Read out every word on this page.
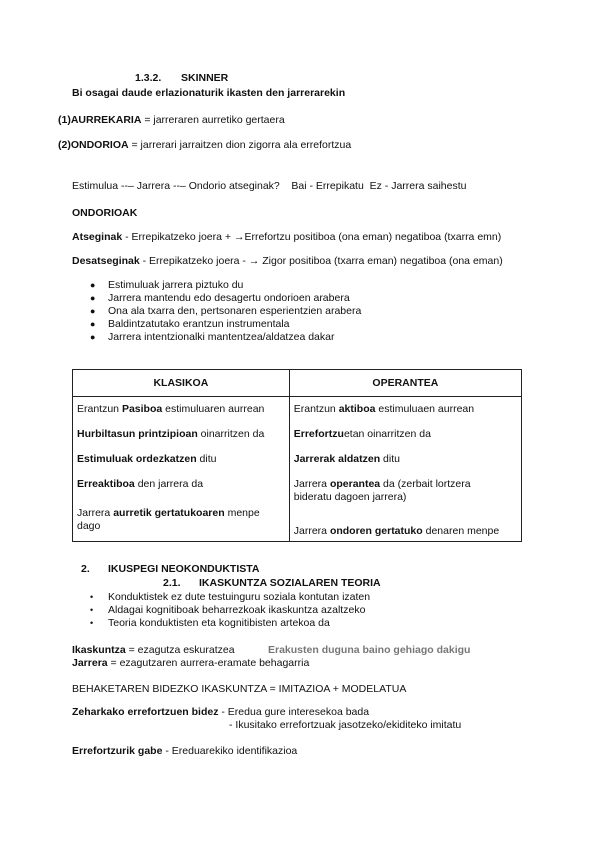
1.3.2. SKINNER
Bi osagai daude erlazionaturik ikasten den jarrerarekin
(1)AURREKARIA = jarreraren aurretiko gertaera
(2)ONDORIOA = jarrerari jarraitzen dion zigorra ala errefortzua
Estimulua --– Jarrera --– Ondorio atseginak?    Bai - Errepikatu  Ez - Jarrera saihestu
ONDORIOAK
Atseginak - Errepikatzeko joera + →Errefortzu positiboa (ona eman) negatiboa (txarra emn)
Desatseginak - Errepikatzeko joera - → Zigor positiboa (txarra eman) negatiboa (ona eman)
● Estimuluak jarrera piztuko du
● Jarrera mantendu edo desagertu ondorioen arabera
● Ona ala txarra den, pertsonaren esperientzien arabera
● Baldintzatutako erantzun instrumentala
● Jarrera intentzionalki mantentzea/aldatzea dakar
KLASIKOA	OPERANTEA

Erantzun Pasiboa estimuluaren aurrean	Erantzun aktiboa estimuluaen aurrean

Hurbiltasun printzipioan oinarritzen da	Errefortzuetan oinarritzen da

Estimuluak ordezkatzen ditu	Jarrerak aldatzen ditu

Erreaktiboa den jarrera da	Jarrera operantea da (zerbait lortzera bideratu dagoen jarrera)

Jarrera aurretik gertatukoaren menpe dago	Jarrera ondoren gertatuko denaren menpe
2. IKUSPEGI NEOKONDUKTISTA
2.1. IKASKUNTZA SOZIALAREN TEORIA
• Konduktistek ez dute testuinguru soziala kontutan izaten
• Aldagai kognitiboak beharrezkoak ikaskuntza azaltzeko
• Teoria konduktisten eta kognitibisten artekoa da
Ikaskuntza = ezagutza eskuratzea	Erakusten duguna baino gehiago dakigu
Jarrera = ezagutzaren aurrera-eramate behagarria
BEHAKETAREN BIDEZKO IKASKUNTZA = IMITAZIOA + MODELATUA
Zeharkako errefortzuen bidez - Eredua gure interesekoa bada
- Ikusitako errefortzuak jasotzeko/ekiditeko imitatu
Errefortzurik gabe - Ereduarekiko identifikazioa
